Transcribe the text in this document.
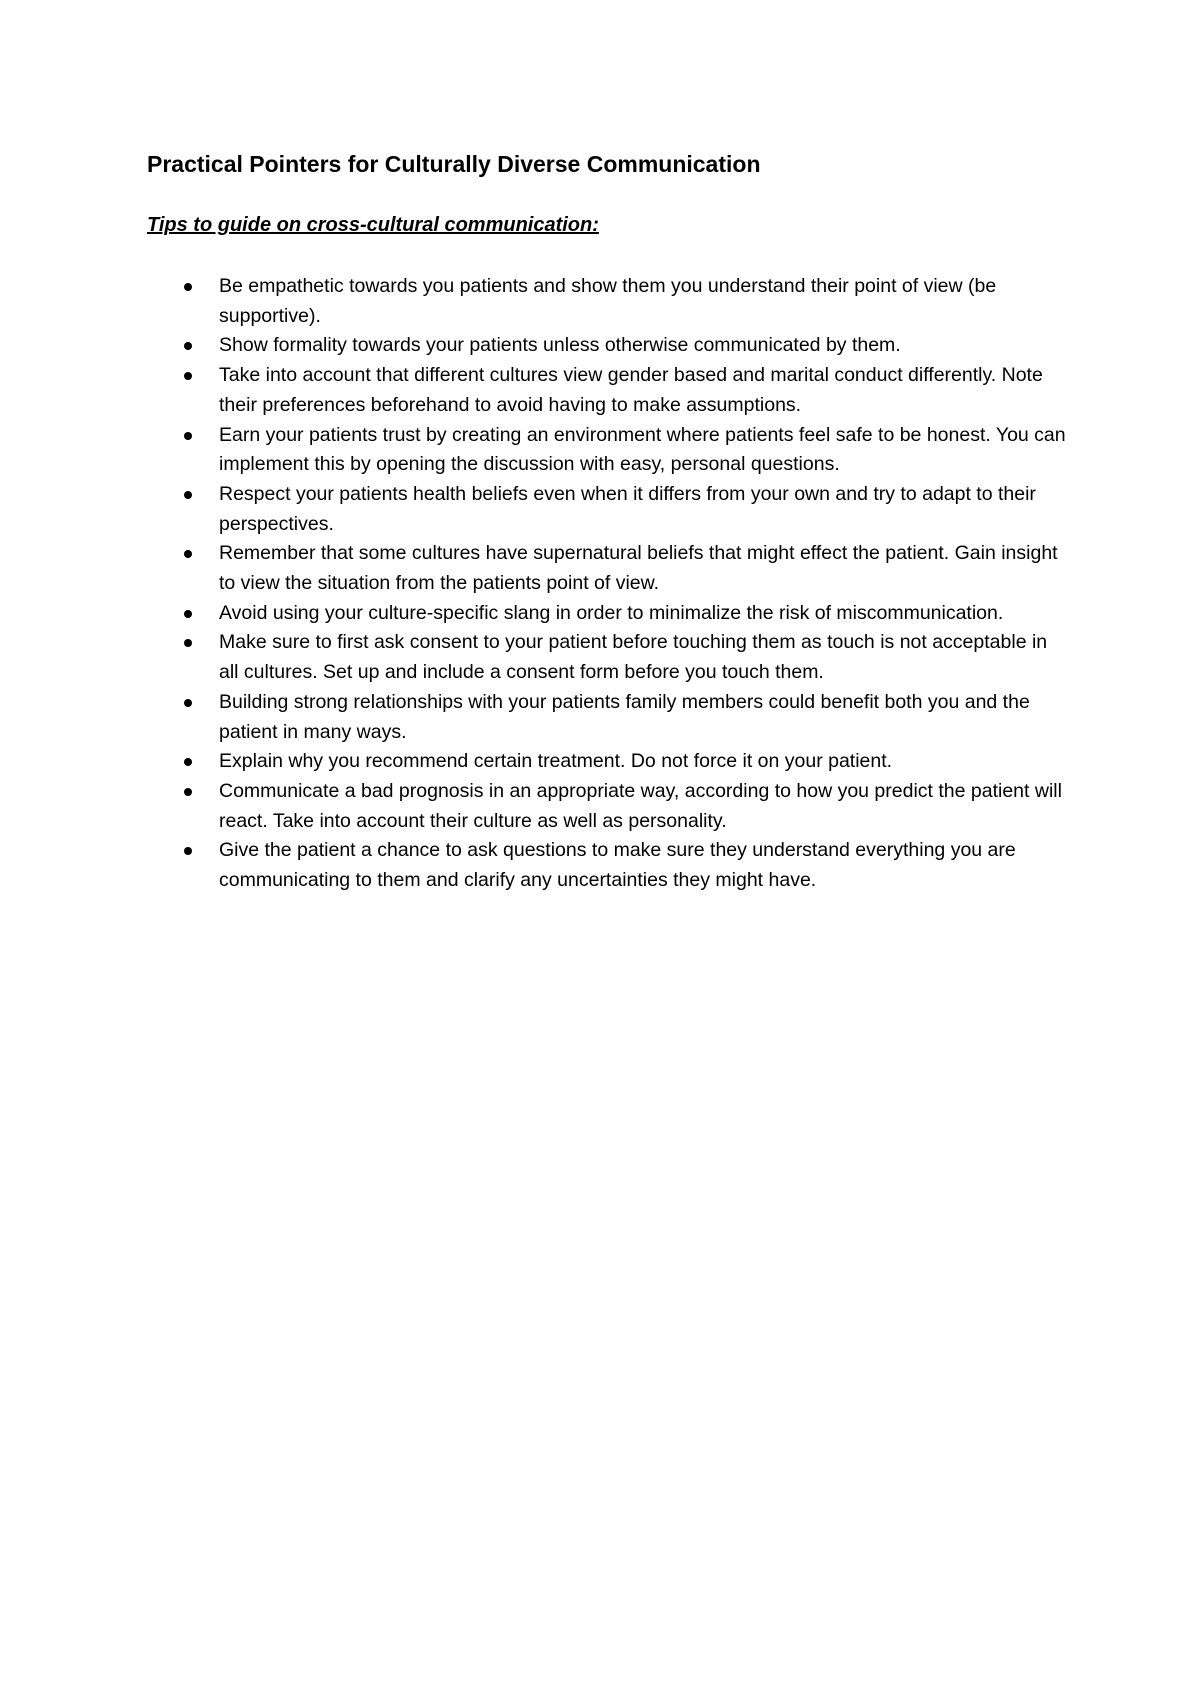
Practical Pointers for Culturally Diverse Communication

Tips to guide on cross-cultural communication:

Be empathetic towards you patients and show them you understand their point of view (be supportive).
Show formality towards your patients unless otherwise communicated by them.
Take into account that different cultures view gender based and marital conduct differently. Note their preferences beforehand to avoid having to make assumptions.
Earn your patients trust by creating an environment where patients feel safe to be honest. You can implement this by opening the discussion with easy, personal questions.
Respect your patients health beliefs even when it differs from your own and try to adapt to their perspectives.
Remember that some cultures have supernatural beliefs that might effect the patient. Gain insight to view the situation from the patients point of view.
Avoid using your culture-specific slang in order to minimalize the risk of miscommunication.
Make sure to first ask consent to your patient before touching them as touch is not acceptable in all cultures. Set up and include a consent form before you touch them.
Building strong relationships with your patients family members could benefit both you and the patient in many ways.
Explain why you recommend certain treatment. Do not force it on your patient.
Communicate a bad prognosis in an appropriate way, according to how you predict the patient will react. Take into account their culture as well as personality.
Give the patient a chance to ask questions to make sure they understand everything you are communicating to them and clarify any uncertainties they might have.
